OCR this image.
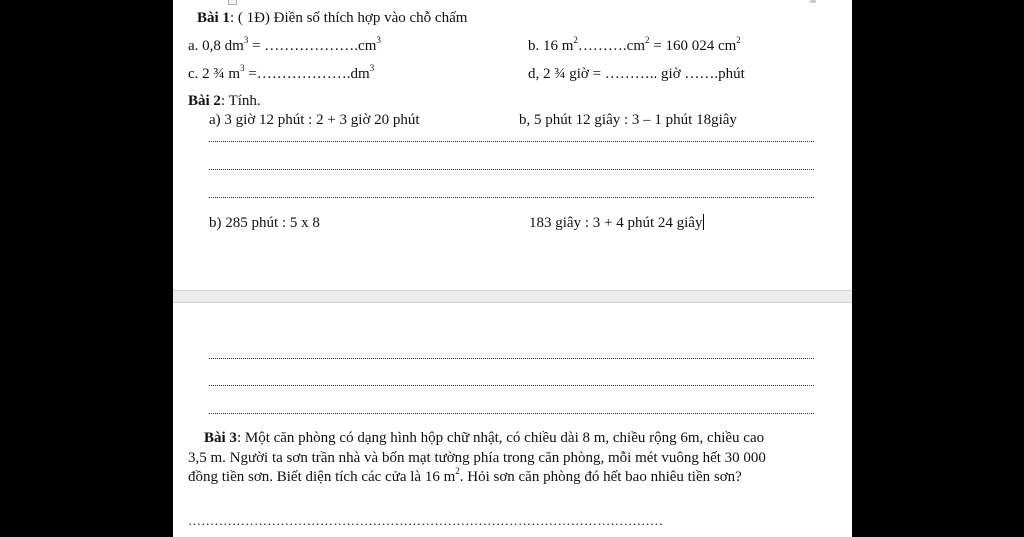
Bài 1: ( 1Đ) Điền số thích hợp vào chỗ chấm
a. 0,8 $dm^3$ = $\dots\dots\dots\dots\dots\dots.cm^3$	b. 16 $m^2\dots\dots\dots.cm^2 = 160$ 024 $cm^2$
c. 2 ¾ $m^3$ $=\dots\dots\dots\dots\dots\dots.dm^3$	d, 2 ¾ giờ = ……….. giờ …….phút
Bài 2: Tính.
a) 3 giờ 12 phút : 2 + 3 giờ 20 phút	b, 5 phút 12 giây : 3 – 1 phút 18giây
b) 285 phút : 5 x 8	183 giây : 3 + 4 phút 24 giây
Bài 3: Một căn phòng có dạng hình hộp chữ nhật, có chiều dài 8 m, chiều rộng 6m, chiều cao
3,5 m. Người ta sơn trần nhà và bốn mạt tường phía trong căn phòng, mỗi mét vuông hết 30 000
đồng tiền sơn. Biết diện tích các cửa là 16 $m^2$. Hỏi sơn căn phòng đó hết bao nhiêu tiền sơn?
………………………………………………………………………………………………
